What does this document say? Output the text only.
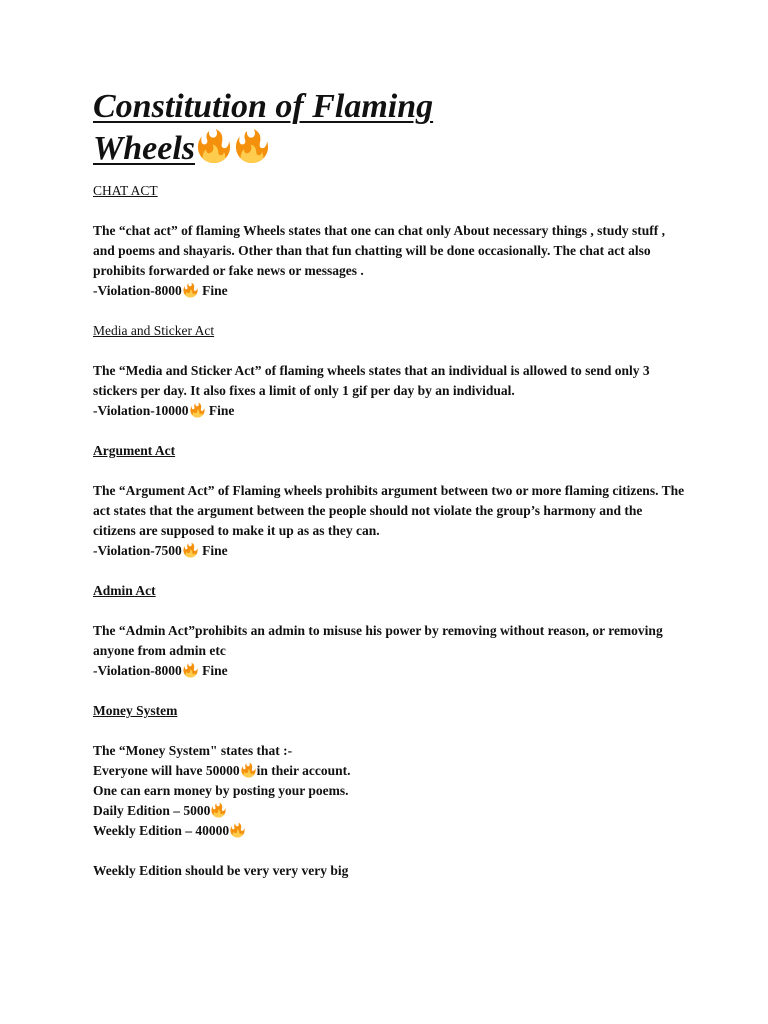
Constitution of Flaming Wheels
CHAT ACT

The “chat act” of flaming Wheels states that one can chat only About necessary things , study stuff , and poems and shayaris. Other than that fun chatting will be done occasionally. The chat act also prohibits forwarded or fake news or messages .

-Violation-8000
Fine
Media and Sticker Act

The “Media and Sticker Act” of flaming wheels states that an individual is allowed to send only 3 stickers per day. It also fixes a limit of only 1 gif per day by an individual.

-Violation-10000
Fine
Argument Act

The “Argument Act” of Flaming wheels prohibits argument between two or more flaming citizens. The act states that the argument between the people should not violate the group’s harmony and the citizens are supposed to make it up as as they can.

-Violation-7500
Fine
Admin Act

The “Admin Act”prohibits an admin to misuse his power by removing without reason, or removing anyone from admin etc

-Violation-8000
Fine
Money System
The “Money System" states that :-
Everyone will have 50000 in their account.
One can earn money by posting your poems.
Daily Edition – 5000
Weekly Edition – 40000
Weekly Edition should be very very very big
